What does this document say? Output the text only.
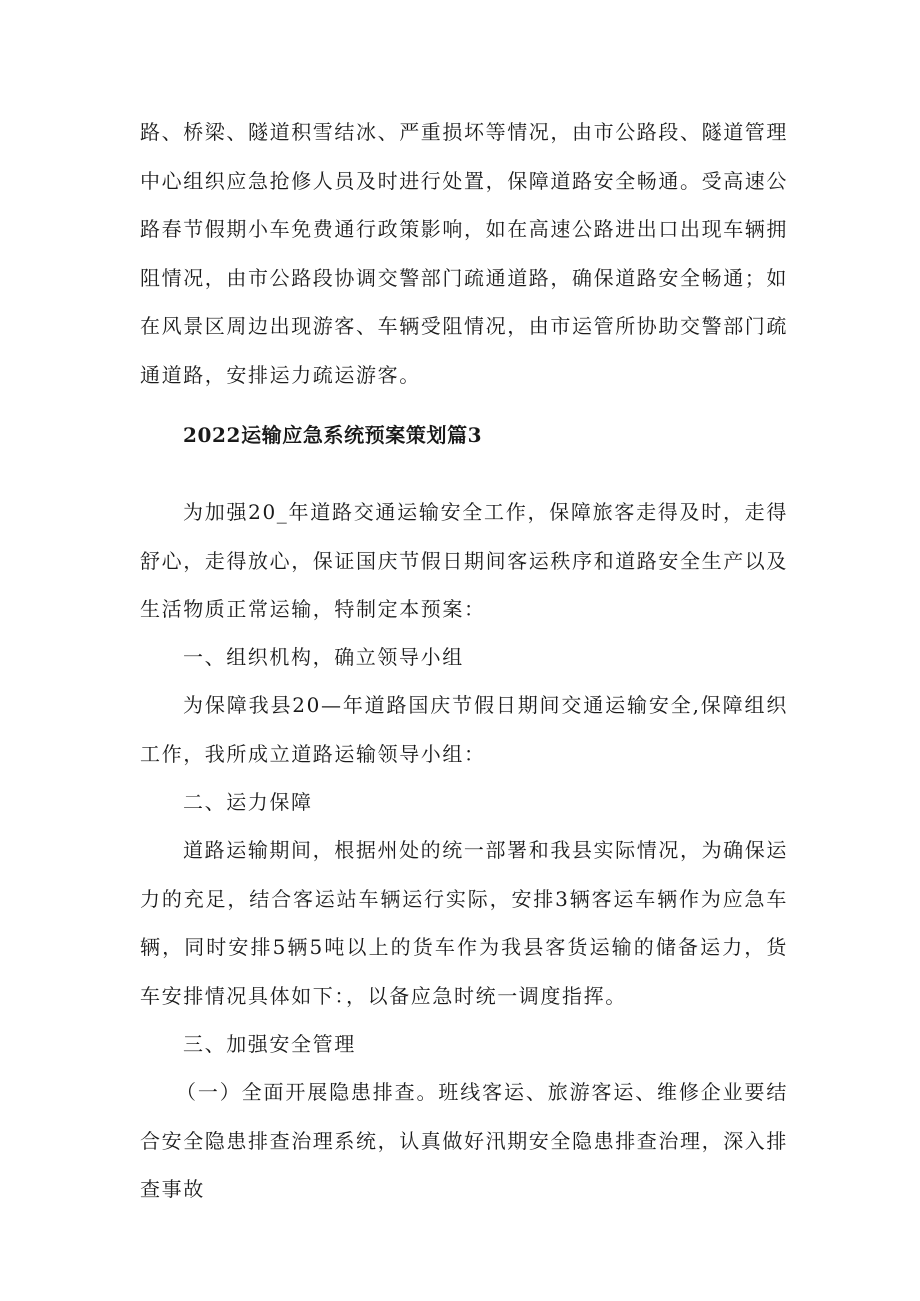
路、桥梁、隧道积雪结冰、严重损坏等情况，由市公路段、隧道管理中心组织应急抢修人员及时进行处置，保障道路安全畅通。受高速公路春节假期小车免费通行政策影响，如在高速公路进出口出现车辆拥阻情况，由市公路段协调交警部门疏通道路，确保道路安全畅通；如在风景区周边出现游客、车辆受阻情况，由市运管所协助交警部门疏通道路，安排运力疏运游客。

2022运输应急系统预案策划篇3

为加强20_年道路交通运输安全工作，保障旅客走得及时，走得舒心，走得放心，保证国庆节假日期间客运秩序和道路安全生产以及生活物质正常运输，特制定本预案：

一、组织机构，确立领导小组

为保障我县20—年道路国庆节假日期间交通运输安全,保障组织工作，我所成立道路运输领导小组：

二、运力保障

道路运输期间，根据州处的统一部署和我县实际情况，为确保运力的充足，结合客运站车辆运行实际，安排3辆客运车辆作为应急车辆，同时安排5辆5吨以上的货车作为我县客货运输的储备运力，货车安排情况具体如下：，以备应急时统一调度指挥。

三、加强安全管理

（一）全面开展隐患排查。班线客运、旅游客运、维修企业要结合安全隐患排查治理系统，认真做好汛期安全隐患排查治理，深入排查事故
